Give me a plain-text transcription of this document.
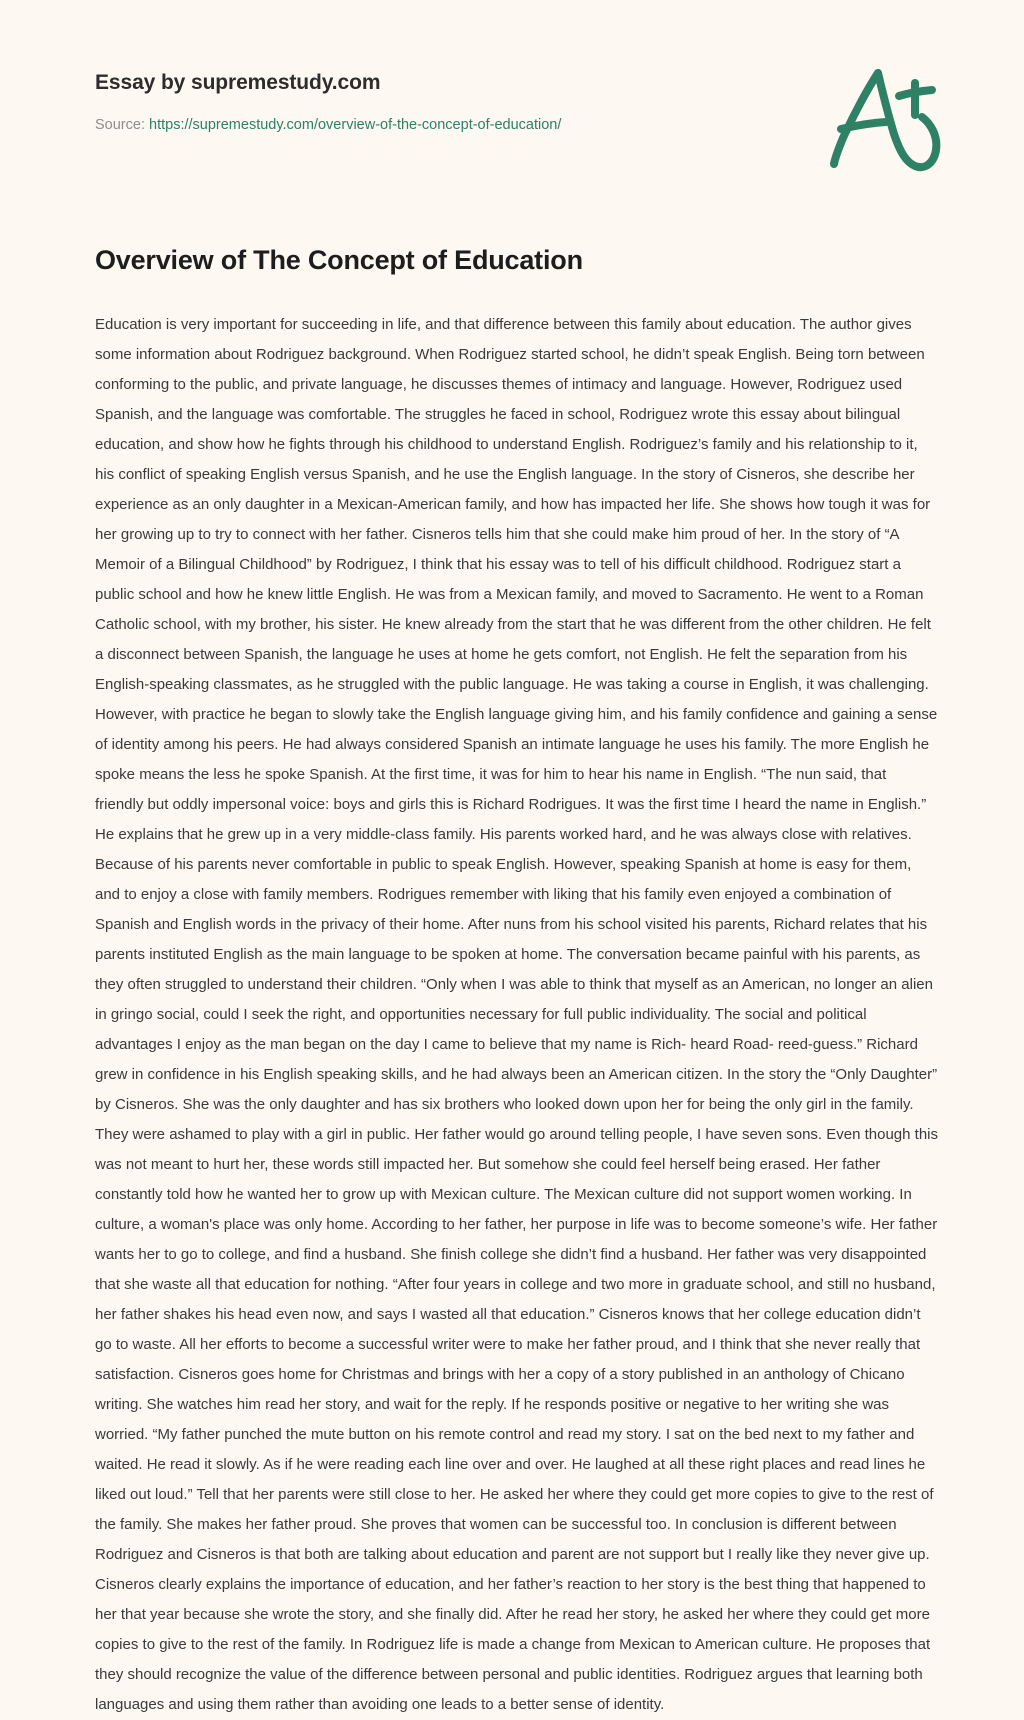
Essay by supremestudy.com
Source: https://supremestudy.com/overview-of-the-concept-of-education/
Overview of The Concept of Education

Education is very important for succeeding in life, and that difference between this family about education. The author gives some information about Rodriguez background. When Rodriguez started school, he didn’t speak English. Being torn between conforming to the public, and private language, he discusses themes of intimacy and language. However, Rodriguez used Spanish, and the language was comfortable. The struggles he faced in school, Rodriguez wrote this essay about bilingual education, and show how he fights through his childhood to understand English. Rodriguez’s family and his relationship to it, his conflict of speaking English versus Spanish, and he use the English language. In the story of Cisneros, she describe her experience as an only daughter in a Mexican-American family, and how has impacted her life. She shows how tough it was for her growing up to try to connect with her father. Cisneros tells him that she could make him proud of her. In the story of “A Memoir of a Bilingual Childhood” by Rodriguez, I think that his essay was to tell of his difficult childhood. Rodriguez start a public school and how he knew little English. He was from a Mexican family, and moved to Sacramento. He went to a Roman Catholic school, with my brother, his sister. He knew already from the start that he was different from the other children. He felt a disconnect between Spanish, the language he uses at home he gets comfort, not English. He felt the separation from his English-speaking classmates, as he struggled with the public language. He was taking a course in English, it was challenging. However, with practice he began to slowly take the English language giving him, and his family confidence and gaining a sense of identity among his peers. He had always considered Spanish an intimate language he uses his family. The more English he spoke means the less he spoke Spanish. At the first time, it was for him to hear his name in English. “The nun said, that friendly but oddly impersonal voice: boys and girls this is Richard Rodrigues. It was the first time I heard the name in English.” He explains that he grew up in a very middle-class family. His parents worked hard, and he was always close with relatives. Because of his parents never comfortable in public to speak English. However, speaking Spanish at home is easy for them, and to enjoy a close with family members. Rodrigues remember with liking that his family even enjoyed a combination of Spanish and English words in the privacy of their home. After nuns from his school visited his parents, Richard relates that his parents instituted English as the main language to be spoken at home. The conversation became painful with his parents, as they often struggled to understand their children. “Only when I was able to think that myself as an American, no longer an alien in gringo social, could I seek the right, and opportunities necessary for full public individuality. The social and political advantages I enjoy as the man began on the day I came to believe that my name is Rich- heard Road- reed-guess.” Richard grew in confidence in his English speaking skills, and he had always been an American citizen. In the story the “Only Daughter” by Cisneros. She was the only daughter and has six brothers who looked down upon her for being the only girl in the family. They were ashamed to play with a girl in public. Her father would go around telling people, I have seven sons. Even though this was not meant to hurt her, these words still impacted her. But somehow she could feel herself being erased. Her father constantly told how he wanted her to grow up with Mexican culture. The Mexican culture did not support women working. In culture, a woman's place was only home. According to her father, her purpose in life was to become someone’s wife. Her father wants her to go to college, and find a husband. She finish college she didn’t find a husband. Her father was very disappointed that she waste all that education for nothing. “After four years in college and two more in graduate school, and still no husband, her father shakes his head even now, and says I wasted all that education.” Cisneros knows that her college education didn’t go to waste. All her efforts to become a successful writer were to make her father proud, and I think that she never really that satisfaction. Cisneros goes home for Christmas and brings with her a copy of a story published in an anthology of Chicano writing. She watches him read her story, and wait for the reply. If he responds positive or negative to her writing she was worried. “My father punched the mute button on his remote control and read my story. I sat on the bed next to my father and waited. He read it slowly. As if he were reading each line over and over. He laughed at all these right places and read lines he liked out loud.” Tell that her parents were still close to her. He asked her where they could get more copies to give to the rest of the family. She makes her father proud. She proves that women can be successful too. In conclusion is different between Rodriguez and Cisneros is that both are talking about education and parent are not support but I really like they never give up. Cisneros clearly explains the importance of education, and her father’s reaction to her story is the best thing that happened to her that year because she wrote the story, and she finally did. After he read her story, he asked her where they could get more copies to give to the rest of the family. In Rodriguez life is made a change from Mexican to American culture. He proposes that they should recognize the value of the difference between personal and public identities. Rodriguez argues that learning both languages and using them rather than avoiding one leads to a better sense of identity.
